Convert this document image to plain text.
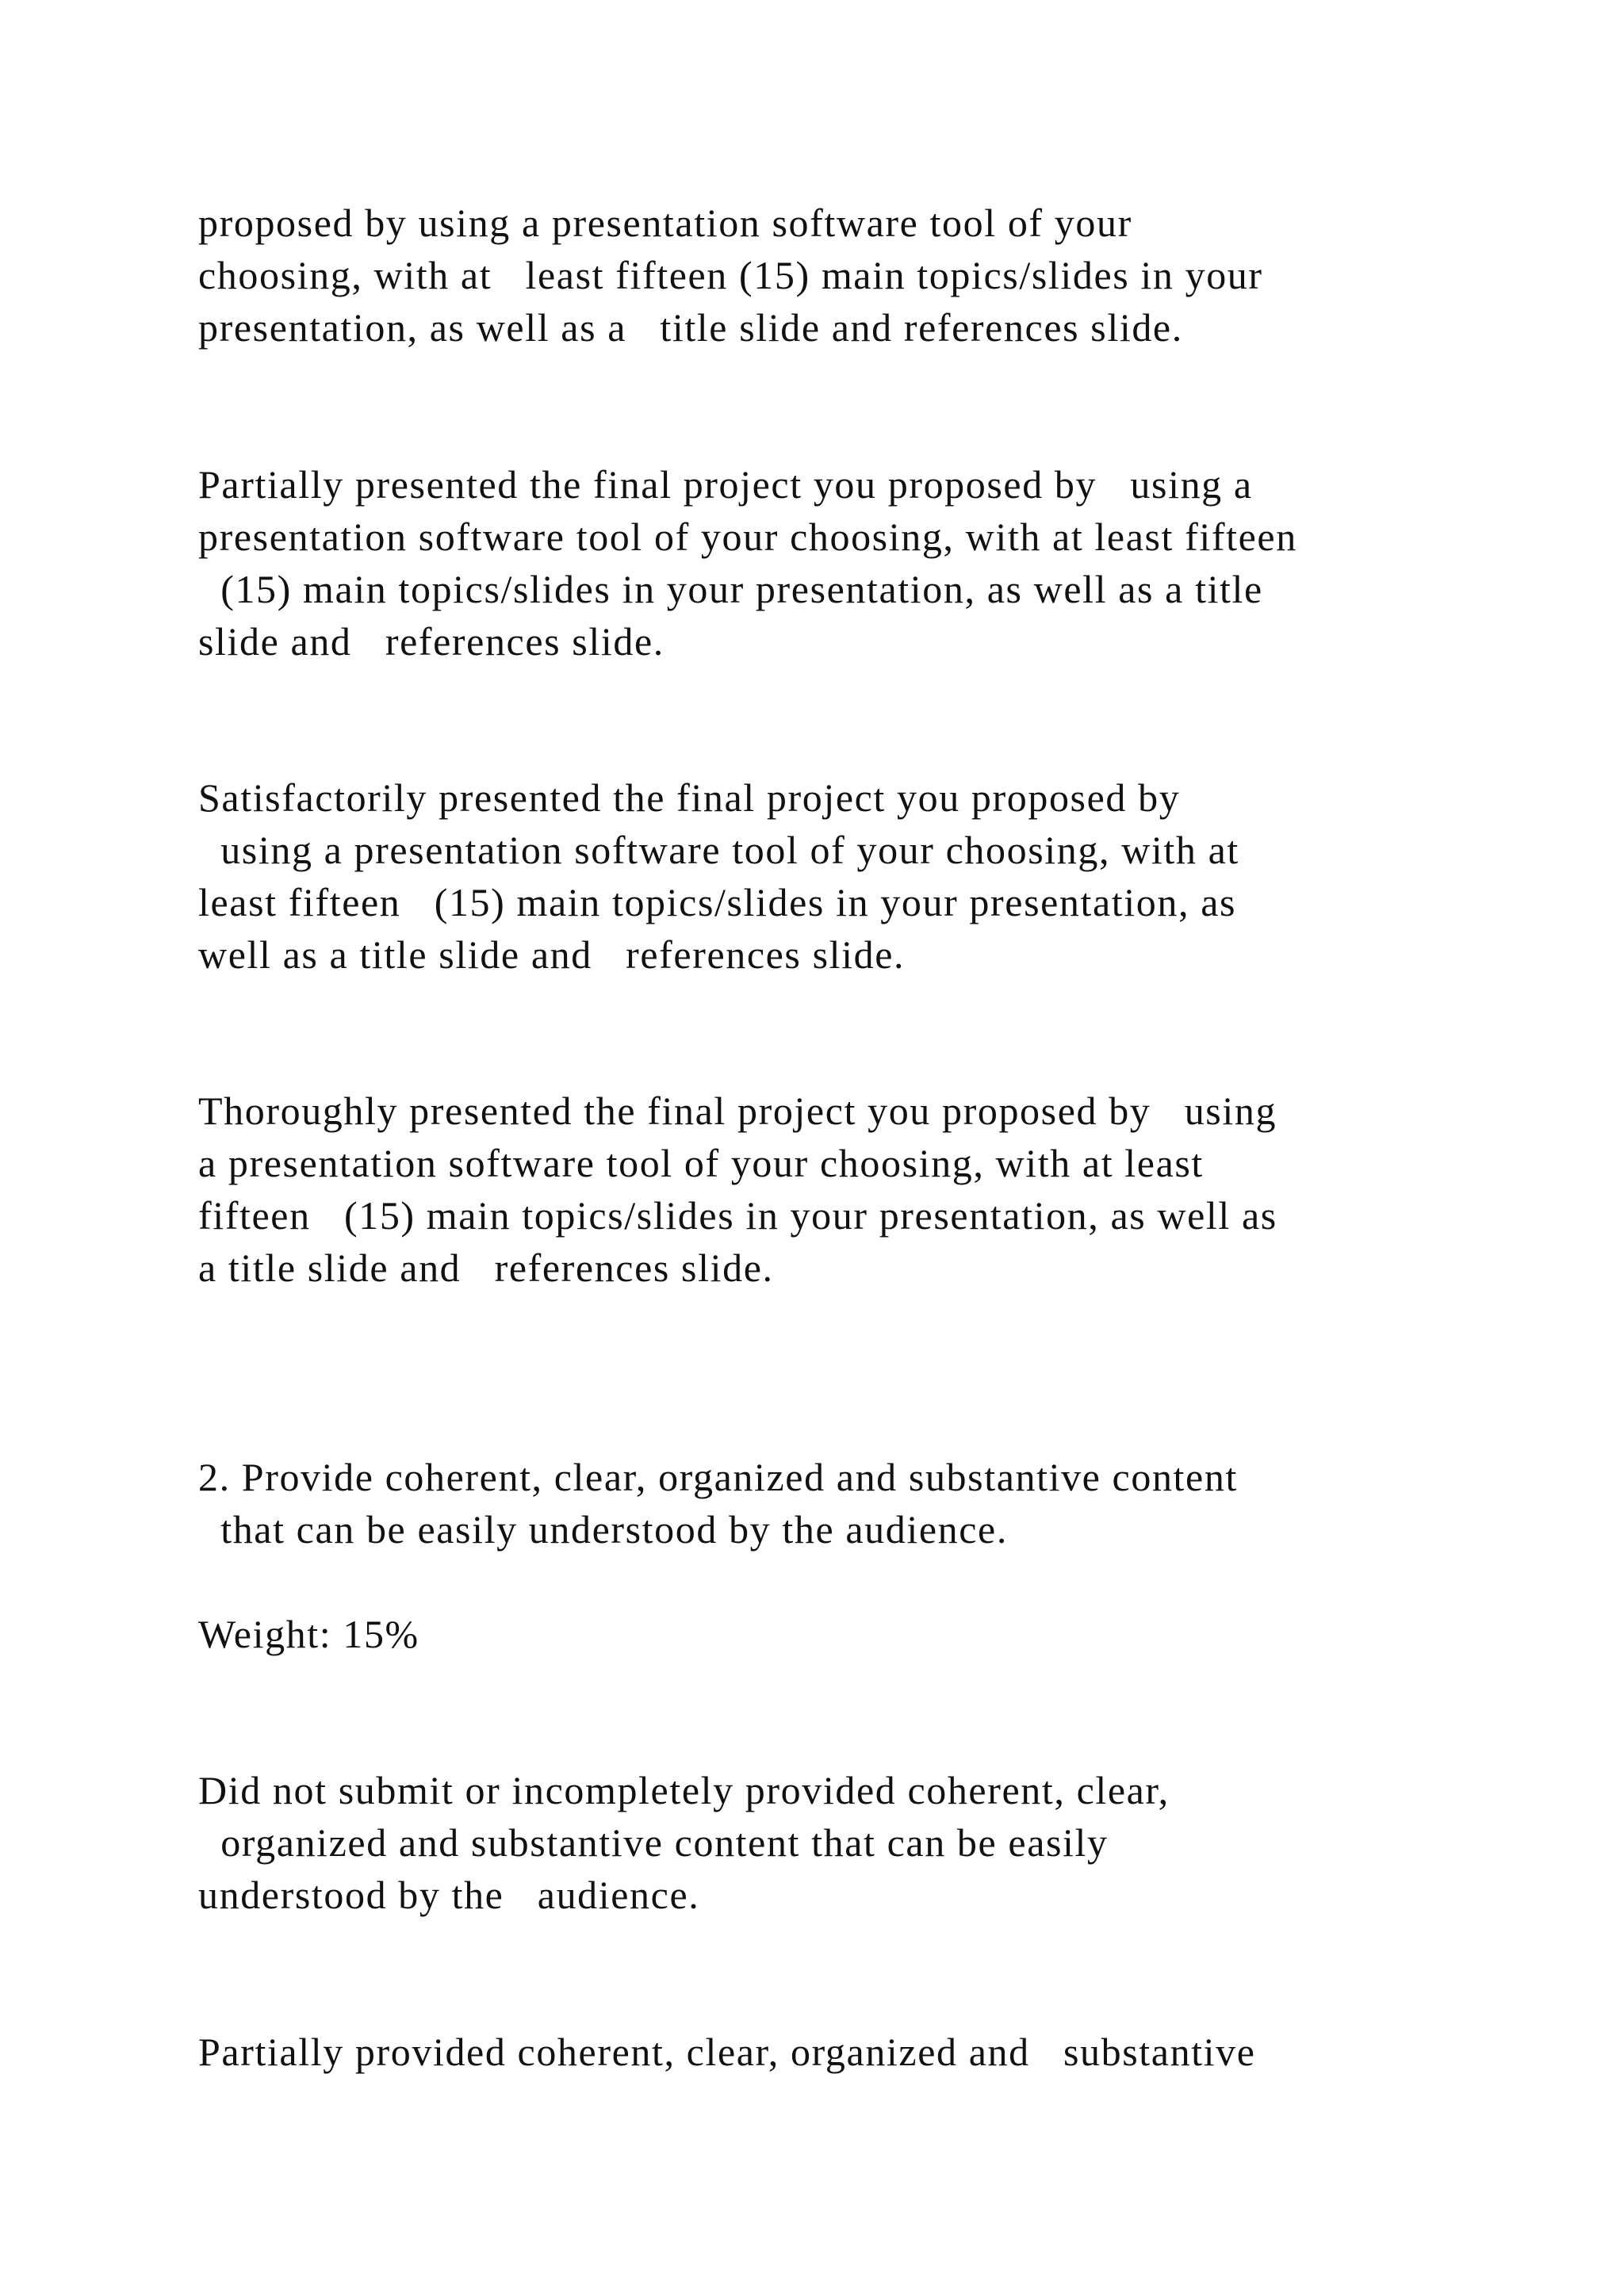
proposed by using a presentation software tool of your

choosing, with at   least fifteen (15) main topics/slides in your

presentation, as well as a   title slide and references slide.

Partially presented the final project you proposed by   using a

presentation software tool of your choosing, with at least fifteen

(15) main topics/slides in your presentation, as well as a title

slide and   references slide.

Satisfactorily presented the final project you proposed by

using a presentation software tool of your choosing, with at

least fifteen   (15) main topics/slides in your presentation, as

well as a title slide and   references slide.

Thoroughly presented the final project you proposed by   using

a presentation software tool of your choosing, with at least

fifteen   (15) main topics/slides in your presentation, as well as

a title slide and   references slide.

2. Provide coherent, clear, organized and substantive content

that can be easily understood by the audience.

Weight: 15%

Did not submit or incompletely provided coherent, clear,

organized and substantive content that can be easily

understood by the   audience.

Partially provided coherent, clear, organized and   substantive
